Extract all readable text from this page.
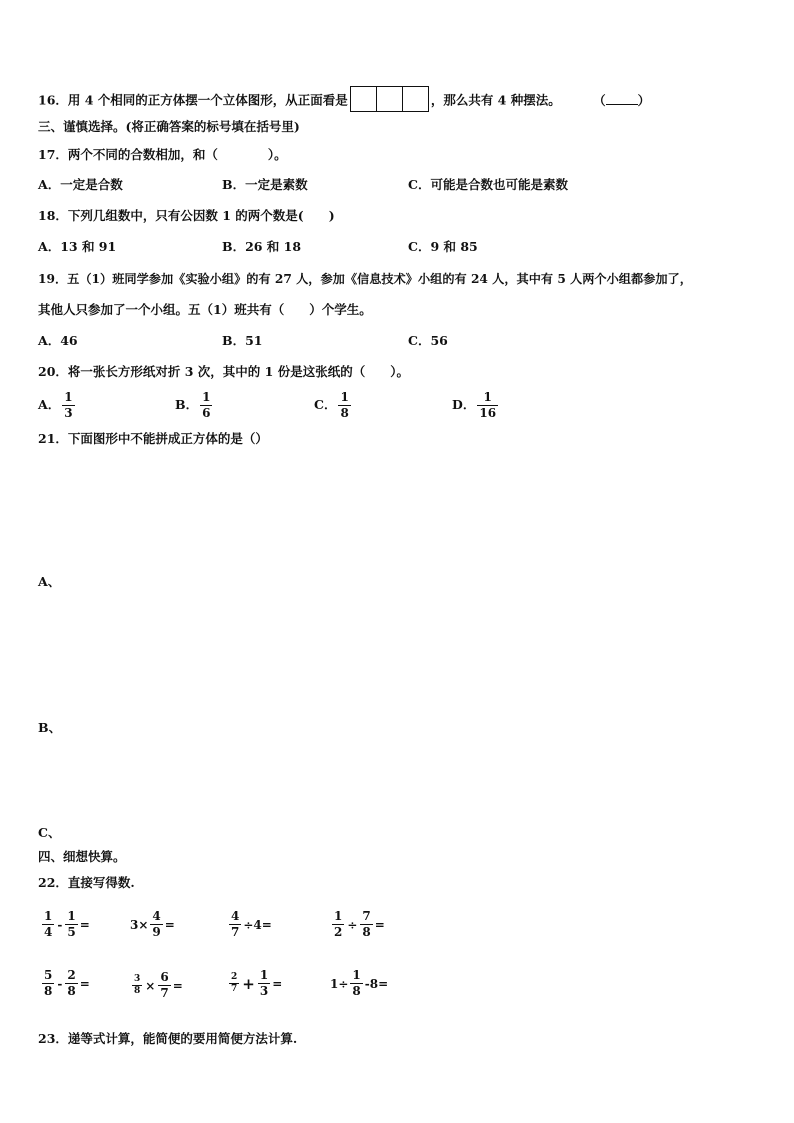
16．用 4 个相同的正方体摆一个立体图形，从正面看是	，那么共有 4 种摆法。	（	）
三、谨慎选择。(将正确答案的标号填在括号里)
17．两个不同的合数相加，和（　　　　）。
A．一定是合数	B．一定是素数	C．可能是合数也可能是素数
18．下列几组数中，只有公因数 1 的两个数是(　　)
A．13 和 91	B．26 和 18	C．9 和 85
19．五（1）班同学参加《实验小组》的有 27 人，参加《信息技术》小组的有 24 人，其中有 5 人两个小组都参加了，
其他人只参加了一个小组。五（1）班共有（　　）个学生。
A．46	B．51	C．56
20．将一张长方形纸对折 3 次，其中的 1 份是这张纸的（　　）。
A． $\frac{1}{3}$	B． $\frac{1}{6}$	C． $\frac{1}{8}$	D． $\frac{1}{16}$
21．下面图形中不能拼成正方体的是（）
A、
B、
C、
四、细想快算。
22．直接写得数.
$\frac{1}{4} - \frac{1}{5}$ =	$3\times \frac{4}{9}$ =	$\frac{4}{7} \div 4=$	$\frac{1}{2} \div \frac{7}{8}$ =
$\frac{5}{8} - \frac{2}{8}$ =	$\frac{3}{8} \times \frac{6}{7}$ =	$\frac{2}{7} + \frac{1}{3}$ =	$1\div \frac{1}{8} -8=$
23．递等式计算，能简便的要用简便方法计算.
